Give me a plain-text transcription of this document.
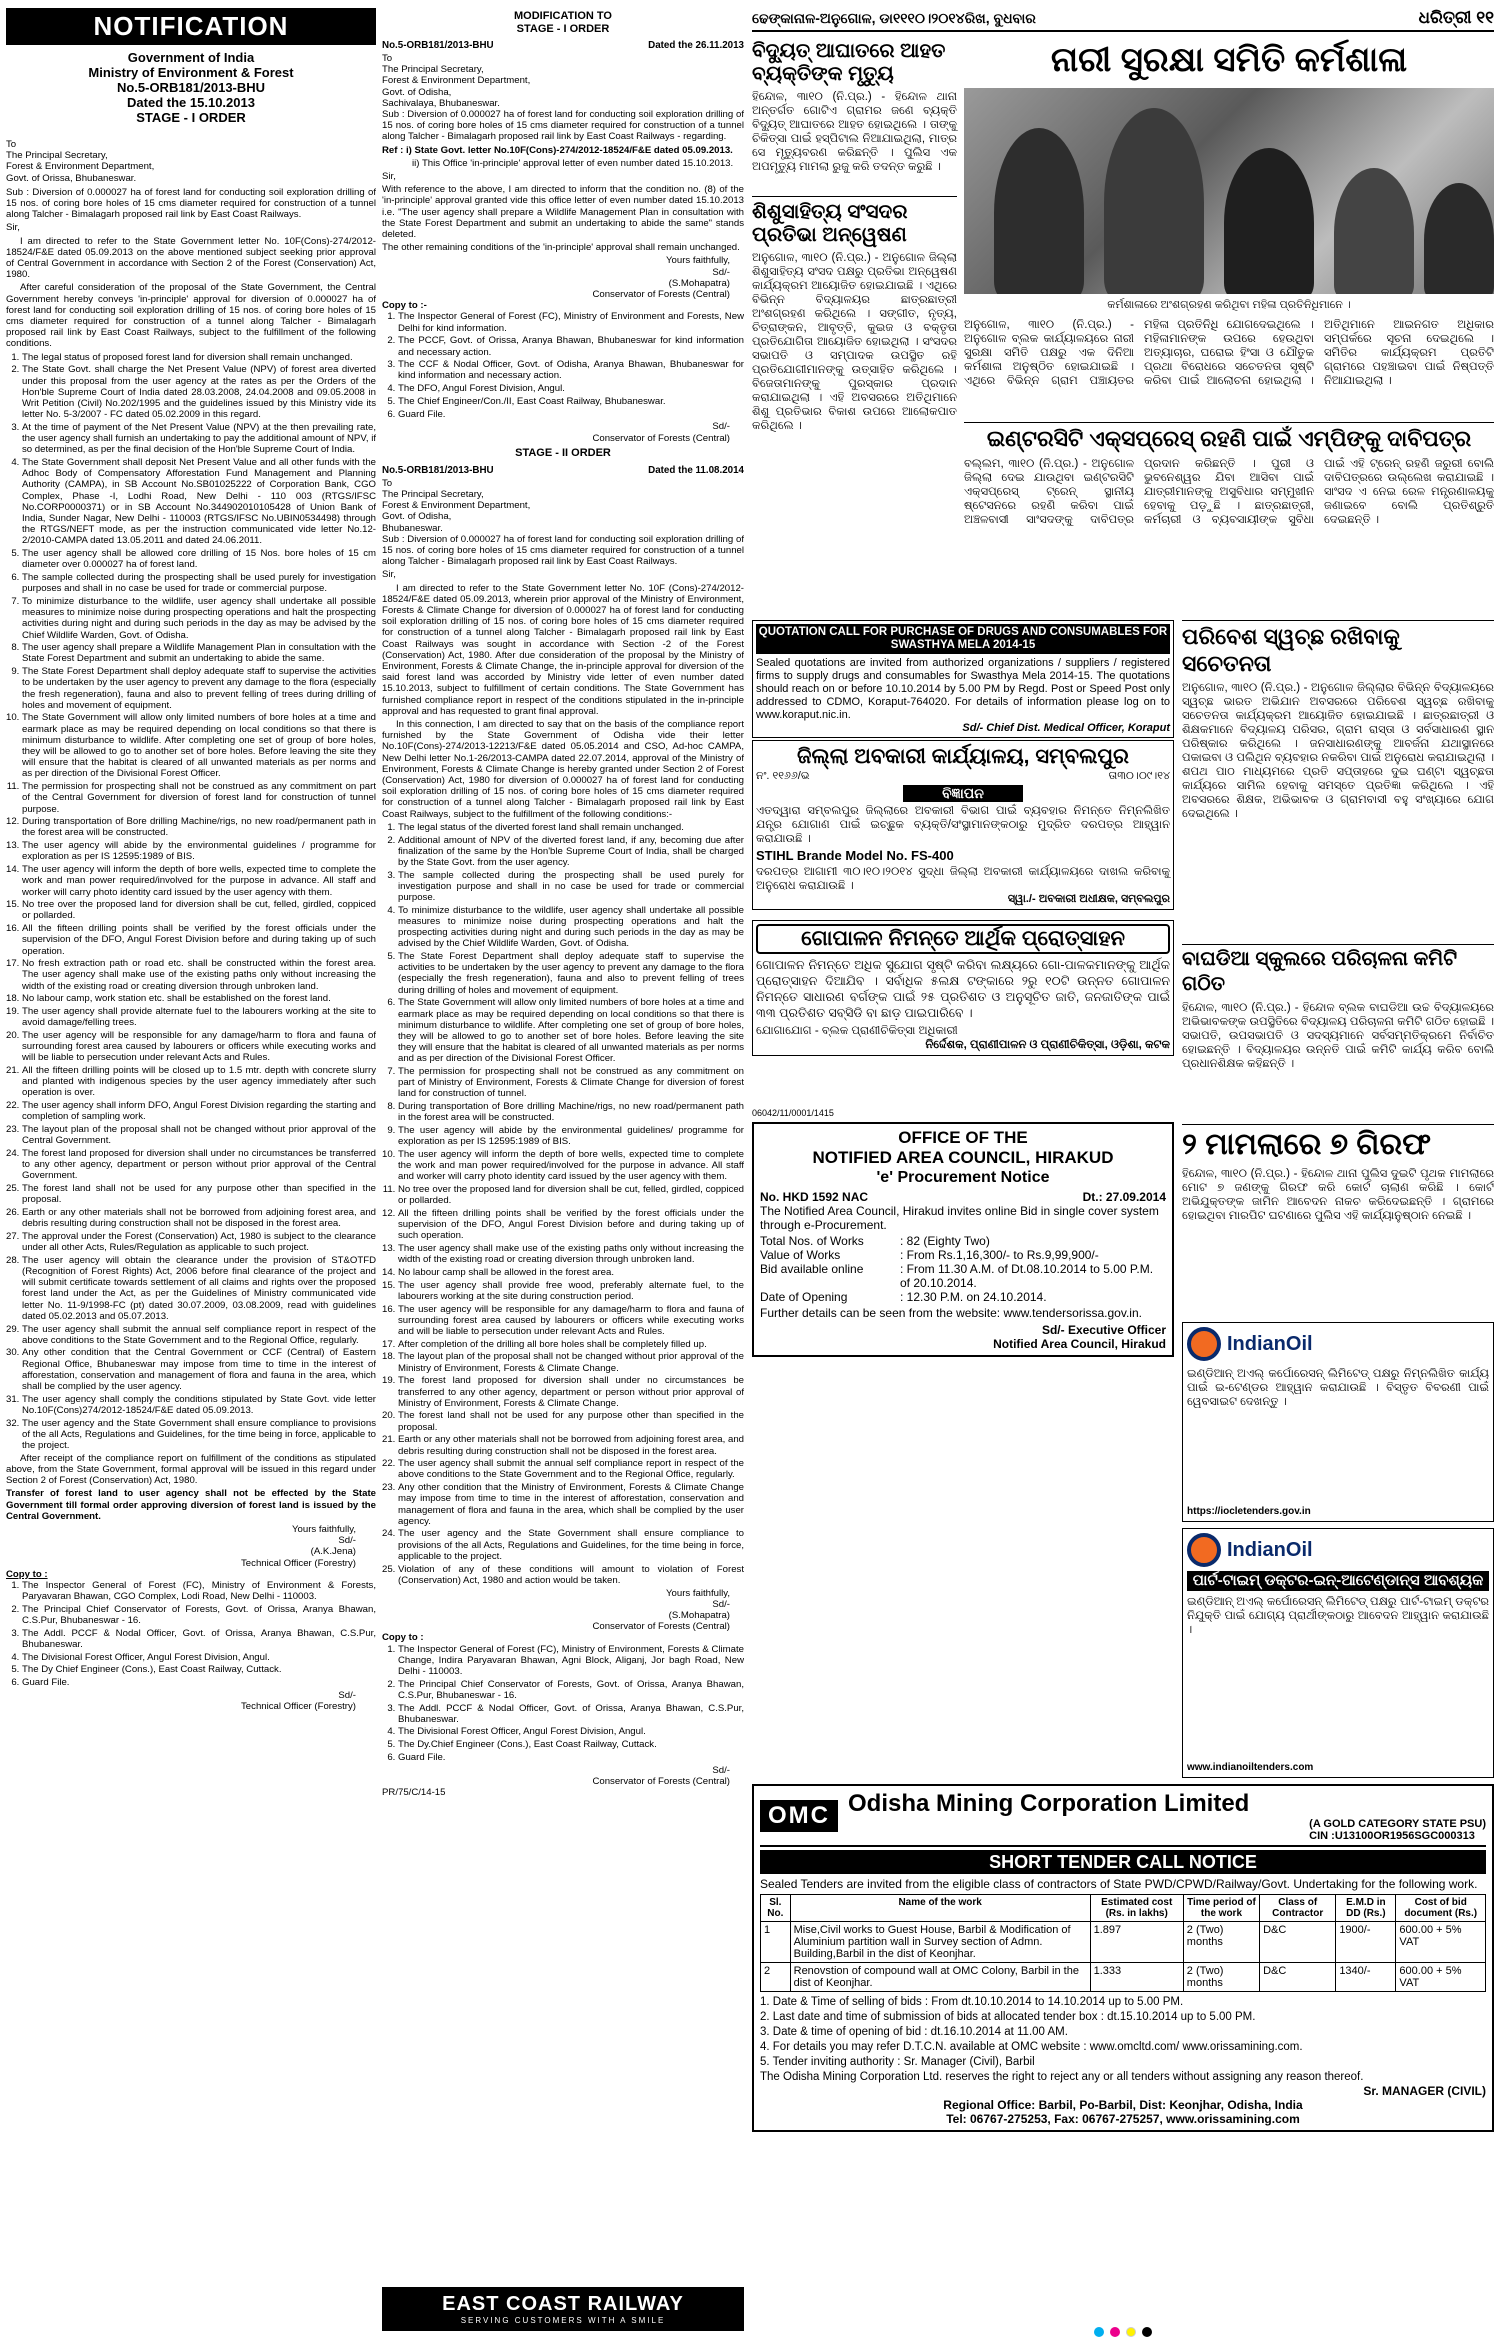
NOTIFICATION
Government of India
Ministry of Environment & Forest
No.5-ORB181/2013-BHU
Dated the 15.10.2013
STAGE - I ORDER
To
The Principal Secretary,
Forest & Environment Department,
Govt. of Orissa, Bhubaneswar.

Sub : Diversion of 0.000027 ha of forest land for conducting soil exploration drilling of 15 nos. of coring bore holes of 15 cms diameter required for construction of a tunnel along Talcher - Bimalagarh proposed rail link by East Coast Railways.

Sir,

I am directed to refer to the State Government letter No. 10F(Cons)-274/2012-18524/F&E dated 05.09.2013 on the above mentioned subject seeking prior approval of Central Government in accordance with Section 2 of the Forest (Conservation) Act, 1980.

After careful consideration of the proposal of the State Government, the Central Government hereby conveys 'in-principle' approval for diversion of 0.000027 ha of forest land for conducting soil exploration drilling of 15 nos. of coring bore holes of 15 cms diameter required for construction of a tunnel along Talcher - Bimalagarh proposed rail link by East Coast Railways, subject to the fulfillment of the following conditions.

1. The legal status of proposed forest land for diversion shall remain unchanged.
2. The State Govt. shall charge the Net Present Value (NPV) of forest area diverted under this proposal from the user agency at the rates as per the Orders of the Hon'ble Supreme Court of India dated 28.03.2008, 24.04.2008 and 09.05.2008 in Writ Petition (Civil) No.202/1995 and the guidelines issued by this Ministry vide its letter No. 5-3/2007 - FC dated 05.02.2009 in this regard.
3. At the time of payment of the Net Present Value (NPV) at the then prevailing rate, the user agency shall furnish an undertaking to pay the additional amount of NPV, if so determined, as per the final decision of the Hon'ble Supreme Court of India.
4. The State Government shall deposit Net Present Value and all other funds with the Adhoc Body of Compensatory Afforestation Fund Management and Planning Authority (CAMPA), in SB Account No.SB01025222 of Corporation Bank, CGO Complex, Phase -I, Lodhi Road, New Delhi - 110 003 (RTGS/IFSC No.CORP0000371) or in SB Account No.344902010105428 of Union Bank of India, Sunder Nagar, New Delhi - 110003 (RTGS/IFSC No.UBIN0534498) through the RTGS/NEFT mode, as per the instruction communicated vide letter No.12-2/2010-CAMPA dated 13.05.2011 and dated 24.06.2011.
5. The user agency shall be allowed core drilling of 15 Nos. bore holes of 15 cm diameter over 0.000027 ha of forest land.
6. The sample collected during the prospecting shall be used purely for investigation purposes and shall in no case be used for trade or commercial purpose.
7. To minimize disturbance to the wildlife, user agency shall undertake all possible measures to minimize noise during prospecting operations and halt the prospecting activities during night and during such periods in the day as may be advised by the Chief Wildlife Warden, Govt. of Odisha.
8. The user agency shall prepare a Wildlife Management Plan in consultation with the State Forest Department and submit an undertaking to abide the same.
9. The State Forest Department shall deploy adequate staff to supervise the activities to be undertaken by the user agency to prevent any damage to the flora (especially the fresh regeneration), fauna and also to prevent felling of trees during drilling of holes and movement of equipment.
10. The State Government will allow only limited numbers of bore holes at a time and earmark place as may be required depending on local conditions so that there is minimum disturbance to wildlife. After completing one set of group of bore holes, they will be allowed to go to another set of bore holes. Before leaving the site they will ensure that the habitat is cleared of all unwanted materials as per norms and as per direction of the Divisional Forest Officer.
11. The permission for prospecting shall not be construed as any commitment on part of the Central Government for diversion of forest land for construction of tunnel purpose.
12. During transportation of Bore drilling Machine/rigs, no new road/permanent path in the forest area will be constructed.
13. The user agency will abide by the environmental guidelines / programme for exploration as per IS 12595:1989 of BIS.
14. The user agency will inform the depth of bore wells, expected time to complete the work and man power required/involved for the purpose in advance. All staff and worker will carry photo identity card issued by the user agency with them.
15. No tree over the proposed land for diversion shall be cut, felled, girdled, coppiced or pollarded.
16. All the fifteen drilling points shall be verified by the forest officials under the supervision of the DFO, Angul Forest Division before and during taking up of such operation.
17. No fresh extraction path or road etc. shall be constructed within the forest area. The user agency shall make use of the existing paths only without increasing the width of the existing road or creating diversion through unbroken land.
18. No labour camp, work station etc. shall be established on the forest land.
19. The user agency shall provide alternate fuel to the labourers working at the site to avoid damage/felling trees.
20. The user agency will be responsible for any damage/harm to flora and fauna of surrounding forest area caused by labourers or officers while executing works and will be liable to persecution under relevant Acts and Rules.
21. All the fifteen drilling points will be closed up to 1.5 mtr. depth with concrete slurry and planted with indigenous species by the user agency immediately after such operation is over.
22. The user agency shall inform DFO, Angul Forest Division regarding the starting and completion of sampling work.
23. The layout plan of the proposal shall not be changed without prior approval of the Central Government.
24. The forest land proposed for diversion shall under no circumstances be transferred to any other agency, department or person without prior approval of the Central Government.
25. The forest land shall not be used for any purpose other than specified in the proposal.
26. Earth or any other materials shall not be borrowed from adjoining forest area, and debris resulting during construction shall not be disposed in the forest area.
27. The approval under the Forest (Conservation) Act, 1980 is subject to the clearance under all other Acts, Rules/Regulation as applicable to such project.
28. The user agency will obtain the clearance under the provision of ST&OTFD (Recognition of Forest Rights) Act, 2006 before final clearance of the project and will submit certificate towards settlement of all claims and rights over the proposed forest land under the Act, as per the Guidelines of Ministry communicated vide letter No. 11-9/1998-FC (pt) dated 30.07.2009, 03.08.2009, read with guidelines dated 05.02.2013 and 05.07.2013.
29. The user agency shall submit the annual self compliance report in respect of the above conditions to the State Government and to the Regional Office, regularly.
30. Any other condition that the Central Government or CCF (Central) of Eastern Regional Office, Bhubaneswar may impose from time to time in the interest of afforestation, conservation and management of flora and fauna in the area, which shall be complied by the user agency.
31. The user agency shall comply the conditions stipulated by State Govt. vide letter No.10F(Cons)274/2012-18524/F&E dated 05.09.2013.
32. The user agency and the State Government shall ensure compliance to provisions of the all Acts, Regulations and Guidelines, for the time being in force, applicable to the project.

After receipt of the compliance report on fulfillment of the conditions as stipulated above, from the State Government, formal approval will be issued in this regard under Section 2 of Forest (Conservation) Act, 1980.

Transfer of forest land to user agency shall not be effected by the State Government till formal order approving diversion of forest land is issued by the Central Government.

Yours faithfully,
Sd/-
(A.K.Jena)
Technical Officer (Forestry)
Copy to :
1. The Inspector General of Forest (FC), Ministry of Environment & Forests, Paryavaran Bhawan, CGO Complex, Lodi Road, New Delhi - 110003.
2. The Principal Chief Conservator of Forests, Govt. of Orissa, Aranya Bhawan, C.S.Pur, Bhubaneswar - 16.
3. The Addl. PCCF & Nodal Officer, Govt. of Orissa, Aranya Bhawan, C.S.Pur, Bhubaneswar.
4. The Divisional Forest Officer, Angul Forest Division, Angul.
5. The Dy Chief Engineer (Cons.), East Coast Railway, Cuttack.
6. Guard File.
Sd/-
Technical Officer (Forestry)
MODIFICATION TO
STAGE - I ORDER
No.5-ORB181/2013-BHU	Dated the 26.11.2013
To
The Principal Secretary,
Forest & Environment Department,
Govt. of Odisha,
Sachivalaya, Bhubaneswar.

Sub : Diversion of 0.000027 ha of forest land for conducting soil exploration drilling of 15 nos. of coring bore holes of 15 cms diameter required for construction of a tunnel along Talcher - Bimalagarh proposed rail link by East Coast Railways - regarding.

Ref : i) State Govt. letter No.10F(Cons)-274/2012-18524/F&E dated 05.09.2013.

ii) This Office 'in-principle' approval letter of even number dated 15.10.2013.

Sir,

With reference to the above, I am directed to inform that the condition no. (8) of the 'in-principle' approval granted vide this office letter of even number dated 15.10.2013 i.e. "The user agency shall prepare a Wildlife Management Plan in consultation with the State Forest Department and submit an undertaking to abide the same" stands deleted.

The other remaining conditions of the 'in-principle' approval shall remain unchanged.

Yours faithfully,
Sd/-
(S.Mohapatra)
Conservator of Forests (Central)
Copy to :-
1. The Inspector General of Forest (FC), Ministry of Environment and Forests, New Delhi for kind information.
2. The PCCF, Govt. of Orissa, Aranya Bhawan, Bhubaneswar for kind information and necessary action.
3. The CCF & Nodal Officer, Govt. of Odisha, Aranya Bhawan, Bhubaneswar for kind information and necessary action.
4. The DFO, Angul Forest Division, Angul.
5. The Chief Engineer/Con./II, East Coast Railway, Bhubaneswar.
6. Guard File.
Sd/-
Conservator of Forests (Central)
STAGE - II ORDER
No.5-ORB181/2013-BHU	Dated the 11.08.2014
To
The Principal Secretary,
Forest & Environment Department,
Govt. of Odisha,
Bhubaneswar.

Sub : Diversion of 0.000027 ha of forest land for conducting soil exploration drilling of 15 nos. of coring bore holes of 15 cms diameter required for construction of a tunnel along Talcher - Bimalagarh proposed rail link by East Coast Railways.

Sir,

I am directed to refer to the State Government letter No. 10F (Cons)-274/2012-18524/F&E dated 05.09.2013, wherein prior approval of the Ministry of Environment, Forests & Climate Change for diversion of 0.000027 ha of forest land for conducting soil exploration drilling of 15 nos. of coring bore holes of 15 cms diameter required for construction of a tunnel along Talcher - Bimalagarh proposed rail link by East Coast Railways was sought in accordance with Section -2 of the Forest (Conservation) Act, 1980. After due consideration of the proposal by the Ministry of Environment, Forests & Climate Change, the in-principle approval for diversion of the said forest land was accorded by Ministry vide letter of even number dated 15.10.2013, subject to fulfillment of certain conditions. The State Government has furnished compliance report in respect of the conditions stipulated in the in-principle approval and has requested to grant final approval.

In this connection, I am directed to say that on the basis of the compliance report furnished by the State Government of Odisha vide their letter No.10F(Cons)-274/2013-12213/F&E dated 05.05.2014 and CSO, Ad-hoc CAMPA, New Delhi letter No.1-26/2013-CAMPA dated 22.07.2014, approval of the Ministry of Environment, Forests & Climate Change is hereby granted under Section 2 of Forest (Conservation) Act, 1980 for diversion of 0.000027 ha of forest land for conducting soil exploration drilling of 15 nos. of coring bore holes of 15 cms diameter required for construction of a tunnel along Talcher - Bimalagarh proposed rail link by East Coast Railways, subject to the fulfillment of the following conditions:-

1. The legal status of the diverted forest land shall remain unchanged.
2. Additional amount of NPV of the diverted forest land, if any, becoming due after finalization of the same by the Hon'ble Supreme Court of India, shall be charged by the State Govt. from the user agency.
3. The sample collected during the prospecting shall be used purely for investigation purpose and shall in no case be used for trade or commercial purpose.
4. To minimize disturbance to the wildlife, user agency shall undertake all possible measures to minimize noise during prospecting operations and halt the prospecting activities during night and during such periods in the day as may be advised by the Chief Wildlife Warden, Govt. of Odisha.
5. The State Forest Department shall deploy adequate staff to supervise the activities to be undertaken by the user agency to prevent any damage to the flora (especially the fresh regeneration), fauna and also to prevent felling of trees during drilling of holes and movement of equipment.
6. The State Government will allow only limited numbers of bore holes at a time and earmark place as may be required depending on local conditions so that there is minimum disturbance to wildlife. After completing one set of group of bore holes, they will be allowed to go to another set of bore holes. Before leaving the site they will ensure that the habitat is cleared of all unwanted materials as per norms and as per direction of the Divisional Forest Officer.
7. The permission for prospecting shall not be construed as any commitment on part of Ministry of Environment, Forests & Climate Change for diversion of forest land for construction of tunnel.
8. During transportation of Bore drilling Machine/rigs, no new road/permanent path in the forest area will be constructed.
9. The user agency will abide by the environmental guidelines/ programme for exploration as per IS 12595:1989 of BIS.
10. The user agency will inform the depth of bore wells, expected time to complete the work and man power required/involved for the purpose in advance. All staff and worker will carry photo identity card issued by the user agency with them.
11. No tree over the proposed land for diversion shall be cut, felled, girdled, coppiced or pollarded.
12. All the fifteen drilling points shall be verified by the forest officials under the supervision of the DFO, Angul Forest Division before and during taking up of such operation.
13. The user agency shall make use of the existing paths only without increasing the width of the existing road or creating diversion through unbroken land.
14. No labour camp shall be allowed in the forest area.
15. The user agency shall provide free wood, preferably alternate fuel, to the labourers working at the site during construction period.
16. The user agency will be responsible for any damage/harm to flora and fauna of surrounding forest area caused by labourers or officers while executing works and will be liable to persecution under relevant Acts and Rules.
17. After completion of the drilling all bore holes shall be completely filled up.
18. The layout plan of the proposal shall not be changed without prior approval of the Ministry of Environment, Forests & Climate Change.
19. The forest land proposed for diversion shall under no circumstances be transferred to any other agency, department or person without prior approval of Ministry of Environment, Forests & Climate Change.
20. The forest land shall not be used for any purpose other than specified in the proposal.
21. Earth or any other materials shall not be borrowed from adjoining forest area, and debris resulting during construction shall not be disposed in the forest area.
22. The user agency shall submit the annual self compliance report in respect of the above conditions to the State Government and to the Regional Office, regularly.
23. Any other condition that the Ministry of Environment, Forests & Climate Change may impose from time to time in the interest of afforestation, conservation and management of flora and fauna in the area, which shall be complied by the user agency.
24. The user agency and the State Government shall ensure compliance to provisions of the all Acts, Regulations and Guidelines, for the time being in force, applicable to the project.
25. Violation of any of these conditions will amount to violation of Forest (Conservation) Act, 1980 and action would be taken.
Yours faithfully,
Sd/-
(S.Mohapatra)
Conservator of Forests (Central)
Copy to :
1. The Inspector General of Forest (FC), Ministry of Environment, Forests & Climate Change, Indira Paryavaran Bhawan, Agni Block, Aliganj, Jor bagh Road, New Delhi - 110003.
2. The Principal Chief Conservator of Forests, Govt. of Orissa, Aranya Bhawan, C.S.Pur, Bhubaneswar - 16.
3. The Addl. PCCF & Nodal Officer, Govt. of Orissa, Aranya Bhawan, C.S.Pur, Bhubaneswar.
4. The Divisional Forest Officer, Angul Forest Division, Angul.
5. The Dy.Chief Engineer (Cons.), East Coast Railway, Cuttack.
6. Guard File.
Sd/-
Conservator of Forests (Central)
PR/75/C/14-15
EAST COAST RAILWAY
SERVING CUSTOMERS WITH A SMILE
ଢେଙ୍କାନାଳ-ଅନୁଗୋଳ, ଡା୧୧୧୦।୨୦୧୪ରିଖ, ବୁଧବାର	ଧରିତ୍ରୀ ୧୧
ବିଦ୍ୟୁତ୍ ଆଘାତରେ ଆହତ ବ୍ୟକ୍ତିଙ୍କ ମୃତ୍ୟୁ
ହିନ୍ଦୋଳ, ୩ା୧୦ (ନି.ପ୍ର.) - ହିନ୍ଦୋଳ ଥାନା ଅନ୍ତର୍ଗତ ଗୋଟିଏ ଗ୍ରାମର ଜଣେ ବ୍ୟକ୍ତି ବିଦ୍ୟୁତ୍ ଆଘାତରେ ଆହତ ହୋଇଥିଲେ । ତାଙ୍କୁ ଚିକିତ୍ସା ପାଇଁ ହସ୍ପିଟାଲ ନିଆଯାଇଥିଲା, ମାତ୍ର ସେ ମୃତ୍ୟୁବରଣ କରିଛନ୍ତି । ପୁଲିସ ଏକ ଅପମୃତ୍ୟୁ ମାମଲା ରୁଜୁ କରି ତଦନ୍ତ କରୁଛି ।
ଶିଶୁସାହିତ୍ୟ ସଂସଦର ପ୍ରତିଭା ଅନ୍ୱେଷଣ
ଅନୁଗୋଳ, ୩ା୧୦ (ନି.ପ୍ର.) - ଅନୁଗୋଳ ଜିଲ୍ଲା ଶିଶୁସାହିତ୍ୟ ସଂସଦ ପକ୍ଷରୁ ପ୍ରତିଭା ଅନ୍ୱେଷଣ କାର୍ଯ୍ୟକ୍ରମ ଆୟୋଜିତ ହୋଇଯାଇଛି । ଏଥିରେ ବିଭିନ୍ନ ବିଦ୍ୟାଳୟର ଛାତ୍ରଛାତ୍ରୀ ଅଂଶଗ୍ରହଣ କରିଥିଲେ । ସଙ୍ଗୀତ, ନୃତ୍ୟ, ଚିତ୍ରାଙ୍କନ, ଆବୃତ୍ତି, କୁଇଜ ଓ ବକ୍ତୃତା ପ୍ରତିଯୋଗିତା ଆୟୋଜିତ ହୋଇଥିଲା । ସଂସଦର ସଭାପତି ଓ ସମ୍ପାଦକ ଉପସ୍ଥିତ ରହି ପ୍ରତିଯୋଗୀମାନଙ୍କୁ ଉତ୍ସାହିତ କରିଥିଲେ । ବିଜେତାମାନଙ୍କୁ ପୁରସ୍କାର ପ୍ରଦାନ କରାଯାଇଥିଲା । ଏହି ଅବସରରେ ଅତିଥିମାନେ ଶିଶୁ ପ୍ରତିଭାର ବିକାଶ ଉପରେ ଆଲୋକପାତ କରିଥିଲେ ।
ନାରୀ ସୁରକ୍ଷା ସମିତି କର୍ମଶାଳା
କର୍ମଶାଳାରେ ଅଂଶଗ୍ରହଣ କରିଥିବା ମହିଳା ପ୍ରତିନିଧିମାନେ ।
ଅନୁଗୋଳ, ୩ା୧୦ (ନି.ପ୍ର.) - ଅନୁଗୋଳ ବ୍ଲକ କାର୍ଯ୍ୟାଳୟରେ ନାରୀ ସୁରକ୍ଷା ସମିତି ପକ୍ଷରୁ ଏକ ଦିନିଆ କର୍ମଶାଳା ଅନୁଷ୍ଠିତ ହୋଇଯାଇଛି । ଏଥିରେ ବିଭିନ୍ନ ଗ୍ରାମ ପଞ୍ଚାୟତର ମହିଳା ପ୍ରତିନିଧି ଯୋଗଦେଇଥିଲେ । ମହିଳାମାନଙ୍କ ଉପରେ ହେଉଥିବା ଅତ୍ୟାଚାର, ଘରୋଇ ହିଂସା ଓ ଯୌତୁକ ପ୍ରଥା ବିରୋଧରେ ସଚେତନତା ସୃଷ୍ଟି କରିବା ପାଇଁ ଆଲୋଚନା ହୋଇଥିଲା । ଅତିଥିମାନେ ଆଇନଗତ ଅଧିକାର ସମ୍ପର୍କରେ ସୂଚନା ଦେଇଥିଲେ । ସମିତିର କାର୍ଯ୍ୟକ୍ରମ ପ୍ରତିଟି ଗ୍ରାମରେ ପହଞ୍ଚାଇବା ପାଇଁ ନିଷ୍ପତ୍ତି ନିଆଯାଇଥିଲା ।
ଇଣ୍ଟରସିଟି ଏକ୍ସପ୍ରେସ୍ ରହଣି ପାଇଁ ଏମ୍ପିଙ୍କୁ ଦାବିପତ୍ର
ବଲ୍ଲମ, ୩ା୧୦ (ନି.ପ୍ର.) - ଅନୁଗୋଳ ଜିଲ୍ଲା ଦେଇ ଯାଉଥିବା ଇଣ୍ଟରସିଟି ଏକ୍ସପ୍ରେସ୍ ଟ୍ରେନ୍ ସ୍ଥାନୀୟ ଷ୍ଟେସନରେ ରହଣି କରିବା ପାଇଁ ଅଞ୍ଚଳବାସୀ ସାଂସଦଙ୍କୁ ଦାବିପତ୍ର ପ୍ରଦାନ କରିଛନ୍ତି । ପୁରୀ ଓ ଭୁବନେଶ୍ୱର ଯିବା ଆସିବା ପାଇଁ ଯାତ୍ରୀମାନଙ୍କୁ ଅସୁବିଧାର ସମ୍ମୁଖୀନ ହେବାକୁ ପଡ଼ୁଛି । ଛାତ୍ରଛାତ୍ରୀ, କର୍ମଚାରୀ ଓ ବ୍ୟବସାୟୀଙ୍କ ସୁବିଧା ପାଇଁ ଏହି ଟ୍ରେନ୍ ରହଣି ଜରୁରୀ ବୋଲି ଦାବିପତ୍ରରେ ଉଲ୍ଲେଖ କରାଯାଇଛି । ସାଂସଦ ଏ ନେଇ ରେଳ ମନ୍ତ୍ରଣାଳୟକୁ ଜଣାଇବେ ବୋଲି ପ୍ରତିଶ୍ରୁତି ଦେଇଛନ୍ତି ।
QUOTATION CALL FOR PURCHASE OF DRUGS AND CONSUMABLES FOR SWASTHYA MELA 2014-15
Sealed quotations are invited from authorized organizations / suppliers / registered firms to supply drugs and consumables for Swasthya Mela 2014-15. The quotations should reach on or before 10.10.2014 by 5.00 PM by Regd. Post or Speed Post only addressed to CDMO, Koraput-764020. For details of information please log on to www.koraput.nic.in.
Sd/- Chief Dist. Medical Officer, Koraput
ଜିଲ୍ଲା ଅବକାରୀ କାର୍ଯ୍ୟାଳୟ, ସମ୍ବଲପୁର
ନଂ. ୧୧୬୬/ଭ	ତା୩୦।୦୯।୧୪
ବିଜ୍ଞାପନ
ଏତଦ୍ୱାରା ସମ୍ବଲପୁର ଜିଲ୍ଲାରେ ଅବକାରୀ ବିଭାଗ ପାଇଁ ବ୍ୟବହାର ନିମନ୍ତେ ନିମ୍ନଲିଖିତ ଯନ୍ତ୍ର ଯୋଗାଣ ପାଇଁ ଇଚ୍ଛୁକ ବ୍ୟକ୍ତି/ସଂସ୍ଥାମାନଙ୍କଠାରୁ ମୁଦ୍ରିତ ଦରପତ୍ର ଆହ୍ୱାନ କରାଯାଉଛି ।
STIHL Brande Model No. FS-400
ଦରପତ୍ର ଆଗାମୀ ୩୦।୧୦।୨୦୧୪ ସୁଦ୍ଧା ଜିଲ୍ଲା ଅବକାରୀ କାର୍ଯ୍ୟାଳୟରେ ଦାଖଲ କରିବାକୁ ଅନୁରୋଧ କରାଯାଉଛି ।
ସ୍ୱା./- ଅବକାରୀ ଅଧୀକ୍ଷକ, ସମ୍ବଲପୁର
ଗୋପାଳନ ନିମନ୍ତେ ଆର୍ଥିକ ପ୍ରୋତ୍ସାହନ
ଗୋପାଳନ ନିମନ୍ତେ ଅଧିକ ସୁଯୋଗ ସୃଷ୍ଟି କରିବା ଲକ୍ଷ୍ୟରେ ଗୋ-ପାଳକମାନଙ୍କୁ ଆର୍ଥିକ ପ୍ରୋତ୍ସାହନ ଦିଆଯିବ । ସର୍ବାଧିକ ୫ଲକ୍ଷ ଟଙ୍କାରେ ୨ରୁ ୧୦ଟି ଉନ୍ନତ ଗୋପାଳନ ନିମନ୍ତେ ସାଧାରଣ ବର୍ଗଙ୍କ ପାଇଁ ୨୫ ପ୍ରତିଶତ ଓ ଅନୁସୂଚିତ ଜାତି, ଜନଜାତିଙ୍କ ପାଇଁ ୩୩ ପ୍ରତିଶତ ସବ୍ସିଡି ବା ଛାଡ଼ ପାଇପାରିବେ ।
ଯୋଗାଯୋଗ - ବ୍ଲକ ପ୍ରାଣୀଚିକିତ୍ସା ଅଧିକାରୀ
ନିର୍ଦ୍ଦେଶକ, ପ୍ରାଣୀପାଳନ ଓ ପ୍ରାଣୀଚିକିତ୍ସା, ଓଡ଼ିଶା, କଟକ
06042/11/0001/1415
OFFICE OF THE
NOTIFIED AREA COUNCIL, HIRAKUD
'e' Procurement Notice
No. HKD 1592 NAC	Dt.: 27.09.2014
The Notified Area Council, Hirakud invites online Bid in single cover system through e-Procurement.
Total Nos. of Works	: 82 (Eighty Two)
Value of Works	: From Rs.1,16,300/- to Rs.9,99,900/-
Bid available online	: From 11.30 A.M. of Dt.08.10.2014 to 5.00 P.M. of 20.10.2014.
Date of Opening	: 12.30 P.M. on 24.10.2014.
Further details can be seen from the website: www.tendersorissa.gov.in.
Sd/- Executive Officer
Notified Area Council, Hirakud
ପରିବେଶ ସ୍ୱଚ୍ଛ ରଖିବାକୁ ସଚେତନତା
ଅନୁଗୋଳ, ୩ା୧୦ (ନି.ପ୍ର.) - ଅନୁଗୋଳ ଜିଲ୍ଲାର ବିଭିନ୍ନ ବିଦ୍ୟାଳୟରେ ସ୍ୱଚ୍ଛ ଭାରତ ଅଭିଯାନ ଅବସରରେ ପରିବେଶ ସ୍ୱଚ୍ଛ ରଖିବାକୁ ସଚେତନତା କାର୍ଯ୍ୟକ୍ରମ ଆୟୋଜିତ ହୋଇଯାଇଛି । ଛାତ୍ରଛାତ୍ରୀ ଓ ଶିକ୍ଷକମାନେ ବିଦ୍ୟାଳୟ ପରିସର, ଗ୍ରାମ ରାସ୍ତା ଓ ସର୍ବସାଧାରଣ ସ୍ଥାନ ପରିଷ୍କାର କରିଥିଲେ । ଜନସାଧାରଣଙ୍କୁ ଆବର୍ଜନା ଯଥାସ୍ଥାନରେ ପକାଇବା ଓ ପଲିଥିନ ବ୍ୟବହାର ନକରିବା ପାଇଁ ଅନୁରୋଧ କରାଯାଇଥିଲା । ଶପଥ ପାଠ ମାଧ୍ୟମରେ ପ୍ରତି ସପ୍ତାହରେ ଦୁଇ ଘଣ୍ଟା ସ୍ୱଚ୍ଛତା କାର୍ଯ୍ୟରେ ସାମିଲ ହେବାକୁ ସମସ୍ତେ ପ୍ରତିଜ୍ଞା କରିଥିଲେ । ଏହି ଅବସରରେ ଶିକ୍ଷକ, ଅଭିଭାବକ ଓ ଗ୍ରାମବାସୀ ବହୁ ସଂଖ୍ୟାରେ ଯୋଗ ଦେଇଥିଲେ ।
ବାଘଡିଆ ସ୍କୁଲରେ ପରିଚାଳନା କମିଟି ଗଠିତ
ହିନ୍ଦୋଳ, ୩ା୧୦ (ନି.ପ୍ର.) - ହିନ୍ଦୋଳ ବ୍ଲକ ବାଘଡିଆ ଉଚ୍ଚ ବିଦ୍ୟାଳୟରେ ଅଭିଭାବକଙ୍କ ଉପସ୍ଥିତିରେ ବିଦ୍ୟାଳୟ ପରିଚାଳନା କମିଟି ଗଠିତ ହୋଇଛି । ସଭାପତି, ଉପସଭାପତି ଓ ସଦସ୍ୟମାନେ ସର୍ବସମ୍ମତିକ୍ରମେ ନିର୍ବାଚିତ ହୋଇଛନ୍ତି । ବିଦ୍ୟାଳୟର ଉନ୍ନତି ପାଇଁ କମିଟି କାର୍ଯ୍ୟ କରିବ ବୋଲି ପ୍ରଧାନଶିକ୍ଷକ କହିଛନ୍ତି ।
୨ ମାମଲାରେ ୭ ଗିରଫ
ହିନ୍ଦୋଳ, ୩ା୧୦ (ନି.ପ୍ର.) - ହିନ୍ଦୋଳ ଥାନା ପୁଲିସ ଦୁଇଟି ପୃଥକ ମାମଲାରେ ମୋଟ ୭ ଜଣଙ୍କୁ ଗିରଫ କରି କୋର୍ଟ ଚାଲାଣ କରିଛି । କୋର୍ଟ ଅଭିଯୁକ୍ତଙ୍କ ଜାମିନ ଆବେଦନ ନାକଚ କରିଦେଇଛନ୍ତି । ଗ୍ରାମରେ ହୋଇଥିବା ମାରପିଟ ଘଟଣାରେ ପୁଲିସ ଏହି କାର୍ଯ୍ୟାନୁଷ୍ଠାନ ନେଇଛି ।
IndianOil
ଇଣ୍ଡିଆନ୍ ଅଏଲ୍ କର୍ପୋରେସନ୍ ଲିମିଟେଡ୍ ପକ୍ଷରୁ ନିମ୍ନଲିଖିତ କାର୍ଯ୍ୟ ପାଇଁ ଇ-ଟେଣ୍ଡର ଆହ୍ୱାନ କରାଯାଉଛି । ବିସ୍ତୃତ ବିବରଣୀ ପାଇଁ ୱେବସାଇଟ ଦେଖନ୍ତୁ ।
https://iocletenders.gov.in
IndianOil
ପାର୍ଟ-ଟାଇମ୍ ଡକ୍ଟର-ଇନ୍-ଆଟେଣ୍ଡାନ୍ସ ଆବଶ୍ୟକ
ଇଣ୍ଡିଆନ୍ ଅଏଲ୍ କର୍ପୋରେସନ୍ ଲିମିଟେଡ୍ ପକ୍ଷରୁ ପାର୍ଟ-ଟାଇମ୍ ଡକ୍ଟର ନିଯୁକ୍ତି ପାଇଁ ଯୋଗ୍ୟ ପ୍ରାର୍ଥୀଙ୍କଠାରୁ ଆବେଦନ ଆହ୍ୱାନ କରାଯାଉଛି ।
www.indianoiltenders.com
OMC Odisha Mining Corporation Limited
(A GOLD CATEGORY STATE PSU)
CIN :U13100OR1956SGC000313
SHORT TENDER CALL NOTICE
Sealed Tenders are invited from the eligible class of contractors of State PWD/CPWD/Railway/Govt. Undertaking for the following work.
Sl. No.	Name of the work	Estimated cost (Rs. in lakhs)	Time period of the work	Class of Contractor	E.M.D in DD (Rs.)	Cost of bid document (Rs.)
1	Mise,Civil works to Guest House, Barbil & Modification of Aluminium partition wall in Survey section of Admn. Building,Barbil in the dist of Keonjhar.	1.897	2 (Two) months	D&C	1900/-	600.00 + 5% VAT
2	Renovstion of compound wall at OMC Colony, Barbil in the dist of Keonjhar.	1.333	2 (Two) months	D&C	1340/-	600.00 + 5% VAT
1. Date & Time of selling of bids : From dt.10.10.2014 to 14.10.2014 up to 5.00 PM.
2. Last date and time of submission of bids at allocated tender box : dt.15.10.2014 up to 5.00 PM.
3. Date & time of opening of bid : dt.16.10.2014 at 11.00 AM.
4. For details you may refer D.T.C.N. available at OMC website : www.omcltd.com/ www.orissamining.com.
5. Tender inviting authority : Sr. Manager (Civil), Barbil
The Odisha Mining Corporation Ltd. reserves the right to reject any or all tenders without assigning any reason thereof.
Sr. MANAGER (CIVIL)
Regional Office: Barbil, Po-Barbil, Dist: Keonjhar, Odisha, India
Tel: 06767-275253, Fax: 06767-275257, www.orissamining.com
